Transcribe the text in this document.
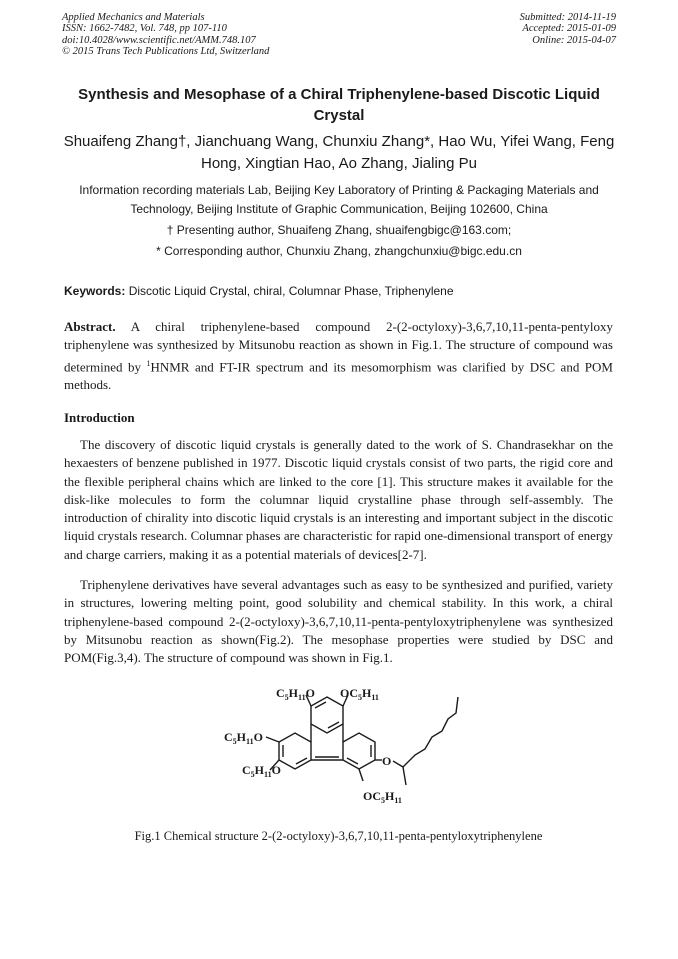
Applied Mechanics and Materials
ISSN: 1662-7482, Vol. 748, pp 107-110
doi:10.4028/www.scientific.net/AMM.748.107
© 2015 Trans Tech Publications Ltd, Switzerland
Submitted: 2014-11-19
Accepted: 2015-01-09
Online: 2015-04-07
Synthesis and Mesophase of a Chiral Triphenylene-based Discotic Liquid Crystal
Shuaifeng Zhang†, Jianchuang Wang, Chunxiu Zhang*, Hao Wu, Yifei Wang, Feng Hong, Xingtian Hao, Ao Zhang, Jialing Pu
Information recording materials Lab, Beijing Key Laboratory of Printing & Packaging Materials and Technology, Beijing Institute of Graphic Communication, Beijing 102600, China
† Presenting author, Shuaifeng Zhang, shuaifengbigc@163.com;
* Corresponding author, Chunxiu Zhang, zhangchunxiu@bigc.edu.cn
Keywords: Discotic Liquid Crystal, chiral, Columnar Phase, Triphenylene
Abstract. A chiral triphenylene-based compound 2-(2-octyloxy)-3,6,7,10,11-penta-pentyloxy triphenylene was synthesized by Mitsunobu reaction as shown in Fig.1. The structure of compound was determined by $^1$HNMR and FT-IR spectrum and its mesomorphism was clarified by DSC and POM methods.
Introduction
The discovery of discotic liquid crystals is generally dated to the work of S. Chandrasekhar on the hexaesters of benzene published in 1977. Discotic liquid crystals consist of two parts, the rigid core and the flexible peripheral chains which are linked to the core [1]. This structure makes it available for the disk-like molecules to form the columnar liquid crystalline phase through self-assembly. The introduction of chirality into discotic liquid crystals is an interesting and important subject in the discotic liquid crystals research. Columnar phases are characteristic for rapid one-dimensional transport of energy and charge carriers, making it as a potential materials of devices[2-7].
Triphenylene derivatives have several advantages such as easy to be synthesized and purified, variety in structures, lowering melting point, good solubility and chemical stability. In this work, a chiral triphenylene-based compound 2-(2-octyloxy)-3,6,7,10,11-penta-pentyloxytriphenylene was synthesized by Mitsunobu reaction as shown(Fig.2). The mesophase properties were studied by DSC and POM(Fig.3,4). The structure of compound was shown in Fig.1.
$C_5H_{11}O$ $OC_5H_{11}$
$C_5H_{11}O$
$C_5H_{11}O$
$OC_5H_{11}$
O
Fig.1 Chemical structure 2-(2-octyloxy)-3,6,7,10,11-penta-pentyloxytriphenylene
